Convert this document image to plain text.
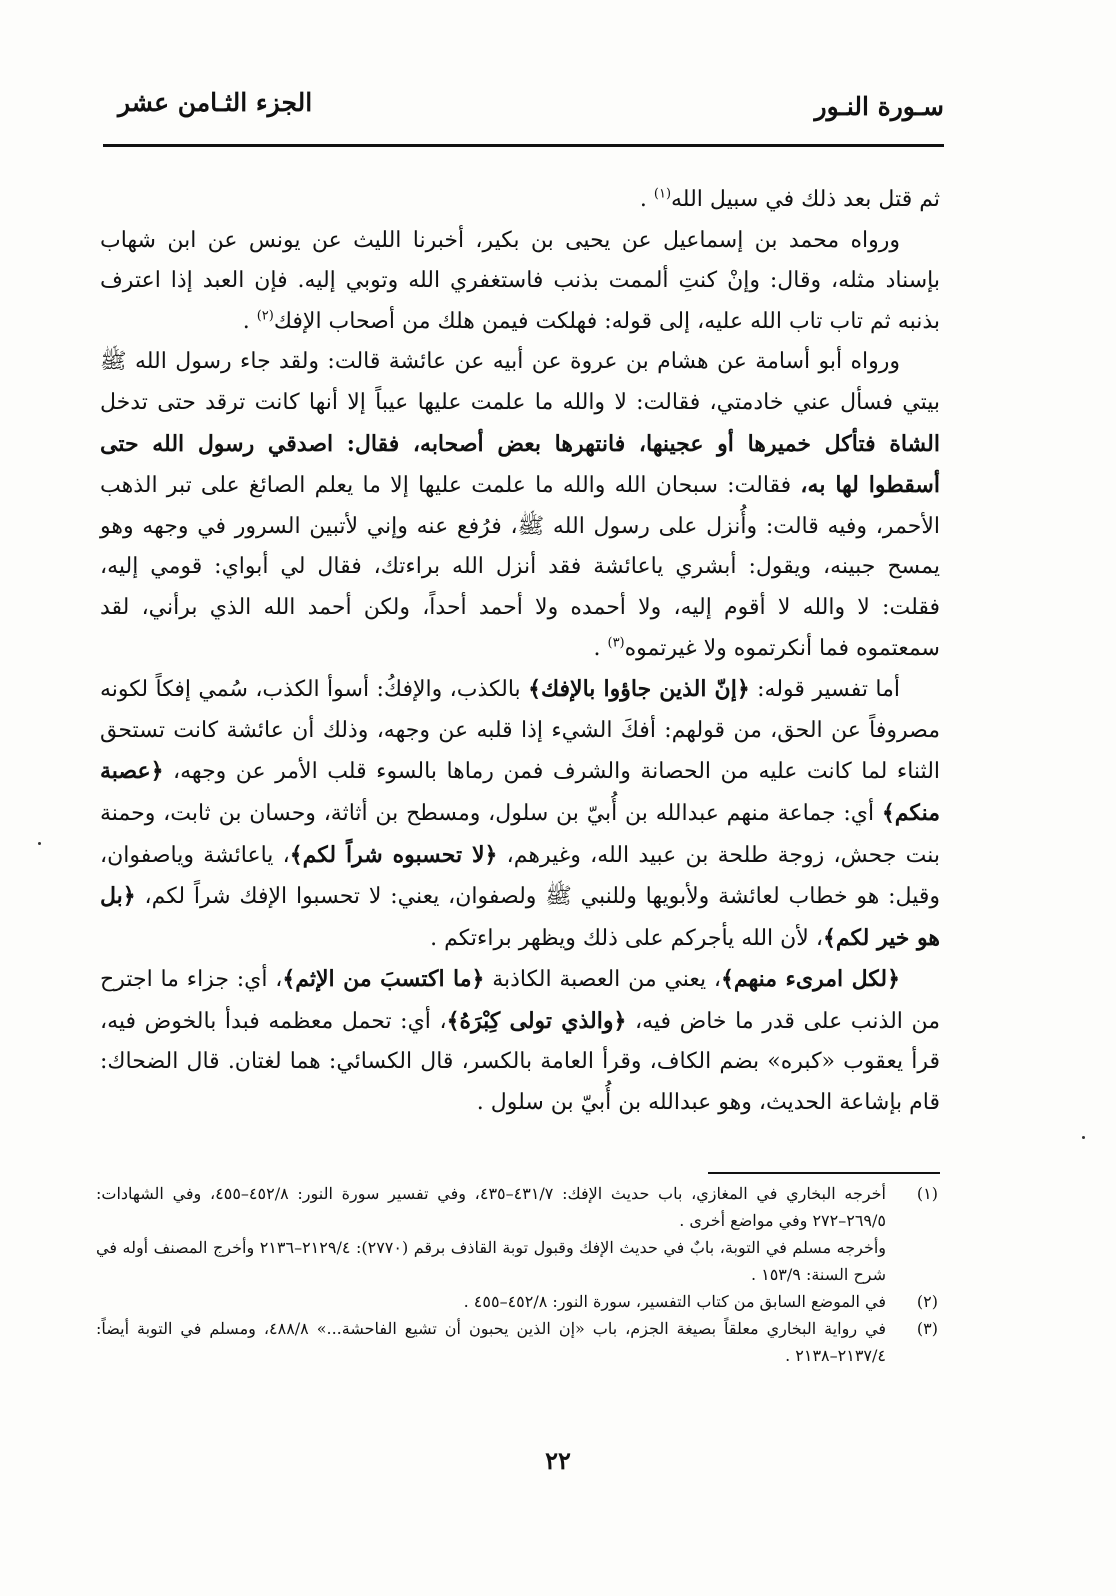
سـورة النـور
الجزء الثـامن عشر

ثم قتل بعد ذلك في سبيل الله$^{(١)}$ .

ورواه محمد بن إسماعيل عن يحيى بن بكير، أخبرنا الليث عن يونس عن ابن شهاب بإسناد مثله، وقال: وإنْ كنتِ ألممت بذنب فاستغفري الله وتوبي إليه. فإن العبد إذا اعترف بذنبه ثم تاب تاب الله عليه، إلى قوله: فهلكت فيمن هلك من أصحاب الإفك$^{(٢)}$ .

ورواه أبو أسامة عن هشام بن عروة عن أبيه عن عائشة قالت: ولقد جاء رسول الله ﷺ بيتي فسأل عني خادمتي، فقالت: لا والله ما علمت عليها عيباً إلا أنها كانت ترقد حتى تدخل الشاة فتأكل خميرها أو عجينها، فانتهرها بعض أصحابه، فقال: اصدقي رسول الله حتى أسقطوا لها به، فقالت: سبحان الله والله ما علمت عليها إلا ما يعلم الصائغ على تبر الذهب الأحمر، وفيه قالت: وأُنزل على رسول الله ﷺ، فرُفع عنه وإني لأتبين السرور في وجهه وهو يمسح جبينه، ويقول: أبشري ياعائشة فقد أنزل الله براءتك، فقال لي أبواي: قومي إليه، فقلت: لا والله لا أقوم إليه، ولا أحمده ولا أحمد أحداً، ولكن أحمد الله الذي برأني، لقد سمعتموه فما أنكرتموه ولا غيرتموه$^{(٣)}$ .

أما تفسير قوله: ﴿إنّ الذين جاؤوا بالإفك﴾ بالكذب، والإفكُ: أسوأ الكذب، سُمي إفكاً لكونه مصروفاً عن الحق، من قولهم: أفكَ الشيء إذا قلبه عن وجهه، وذلك أن عائشة كانت تستحق الثناء لما كانت عليه من الحصانة والشرف فمن رماها بالسوء قلب الأمر عن وجهه، ﴿عصبة منكم﴾ أي: جماعة منهم عبدالله بن أُبيّ بن سلول، ومسطح بن أثاثة، وحسان بن ثابت، وحمنة بنت جحش، زوجة طلحة بن عبيد الله، وغيرهم، ﴿لا تحسبوه شراً لكم﴾، ياعائشة وياصفوان، وقيل: هو خطاب لعائشة ولأبويها وللنبي ﷺ ولصفوان، يعني: لا تحسبوا الإفك شراً لكم، ﴿بل هو خير لكم﴾، لأن الله يأجركم على ذلك ويظهر براءتكم .

﴿لكل امرىء منهم﴾، يعني من العصبة الكاذبة ﴿ما اكتسبَ من الإثم﴾، أي: جزاء ما اجترح من الذنب على قدر ما خاض فيه، ﴿والذي تولى كِبْرَهُ﴾، أي: تحمل معظمه فبدأ بالخوض فيه، قرأ يعقوب «كبره» بضم الكاف، وقرأ العامة بالكسر، قال الكسائي: هما لغتان. قال الضحاك: قام بإشاعة الحديث، وهو عبدالله بن أُبيّ بن سلول .

(١)
أخرجه البخاري في المغازي، باب حديث الإفك: ٤٣١/٧–٤٣٥، وفي تفسير سورة النور: ٤٥٢/٨–٤٥٥، وفي الشهادات: ٢٦٩/٥–٢٧٢ وفي مواضع أخرى .
وأخرجه مسلم في التوبة، بابٌ في حديث الإفك وقبول توبة القاذف برقم (٢٧٧٠): ٢١٢٩/٤–٢١٣٦ وأخرج المصنف أوله في شرح السنة: ١٥٣/٩ .
(٢)
في الموضع السابق من كتاب التفسير، سورة النور: ٤٥٢/٨–٤٥٥ .
(٣)
في رواية البخاري معلقاً بصيغة الجزم، باب «إن الذين يحبون أن تشيع الفاحشة...» ٤٨٨/٨، ومسلم في التوبة أيضاً: ٢١٣٧/٤–٢١٣٨ .
٢٢
